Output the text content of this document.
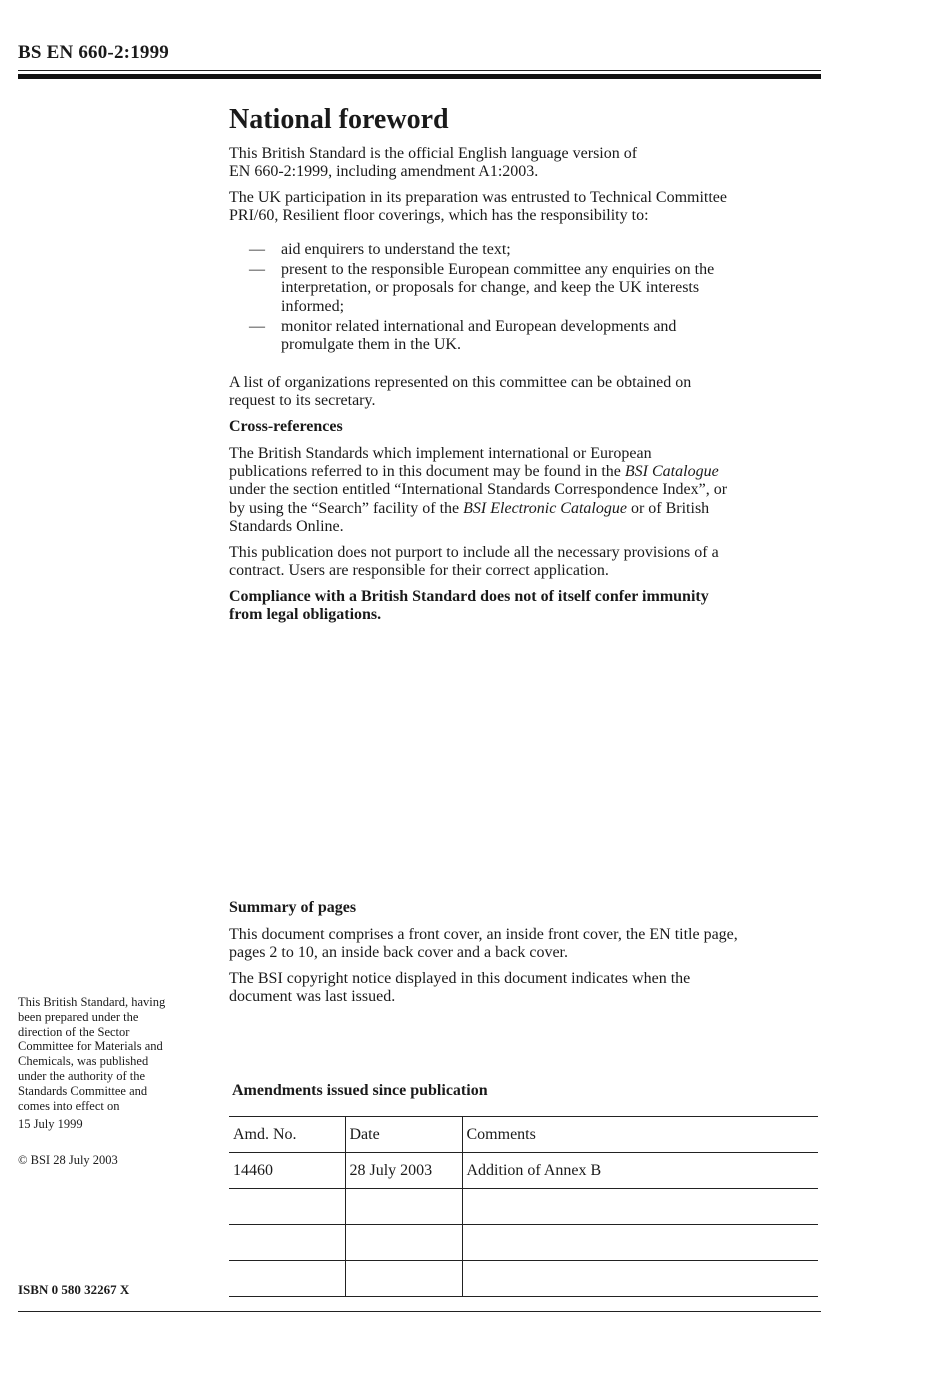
BS EN 660-2:1999
National foreword

This British Standard is the official English language version of

EN 660-2:1999, including amendment A1:2003.

The UK participation in its preparation was entrusted to Technical Committee

PRI/60, Resilient floor coverings, which has the responsibility to:

— aid enquirers to understand the text;

— present to the responsible European committee any enquiries on the

interpretation, or proposals for change, and keep the UK interests

informed;

— monitor related international and European developments and

promulgate them in the UK.

A list of organizations represented on this committee can be obtained on

request to its secretary.

Cross-references

The British Standards which implement international or European

publications referred to in this document may be found in the BSI Catalogue

under the section entitled “International Standards Correspondence Index”, or

by using the “Search” facility of the BSI Electronic Catalogue or of British

Standards Online.

This publication does not purport to include all the necessary provisions of a

contract. Users are responsible for their correct application.

Compliance with a British Standard does not of itself confer immunity

from legal obligations.

Summary of pages

This document comprises a front cover, an inside front cover, the EN title page,

pages 2 to 10, an inside back cover and a back cover.

The BSI copyright notice displayed in this document indicates when the

document was last issued.

This British Standard, having

been prepared under the

direction of the Sector

Committee for Materials and

Chemicals, was published

under the authority of the

Standards Committee and

comes into effect on

15 July 1999
© BSI 28 July 2003
Amendments issued since publication
Amd. No.	Date	Comments
14460	28 July 2003	Addition of Annex B

ISBN 0 580 32267 X
